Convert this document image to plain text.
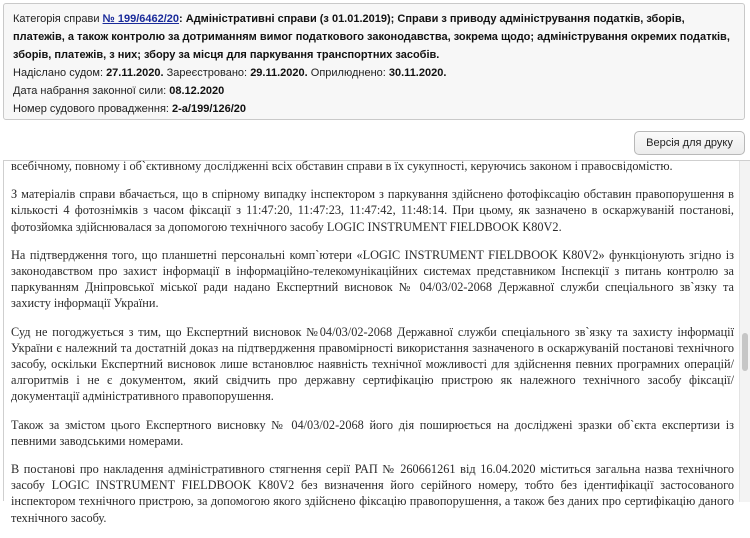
Категорія справи № 199/6462/20: Адміністративні справи (з 01.01.2019); Справи з приводу адміністрування податків, зборів, платежів, а також контролю за дотриманням вимог податкового законодавства, зокрема щодо; адміністрування окремих податків, зборів, платежів, з них; збору за місця для паркування транспортних засобів.
Надіслано судом: 27.11.2020. Зареєстровано: 29.11.2020. Оприлюднено: 30.11.2020.
Дата набрання законної сили: 08.12.2020
Номер судового провадження: 2-а/199/126/20
Версія для друку

всебічному, повному і об`єктивному дослідженні всіх обставин справи в їх сукупності, керуючись законом і правосвідомістю.

З матеріалів справи вбачається, що в спірному випадку інспектором з паркування здійснено фотофіксацію обставин правопорушення в кількості 4 фотознімків з часом фіксації з 11:47:20, 11:47:23, 11:47:42, 11:48:14. При цьому, як зазначено в оскаржуваній постанові, фотозйомка здійснювалася за допомогою технічного засобу LOGIC INSTRUMENT FIELDBOOK K80V2.

На підтвердження того, що планшетні персональні комп`ютери «LOGIC INSTRUMENT FIELDBOOK K80V2» функціонують згідно із законодавством про захист інформації в інформаційно-телекомунікаційних системах представником Інспекції з питань контролю за паркуванням Дніпровської міської ради надано Експертний висновок № 04/03/02-2068 Державної служби спеціального зв`язку та захисту інформації України.

Суд не погоджується з тим, що Експертний висновок №04/03/02-2068 Державної служби спеціального зв`язку та захисту інформації України є належний та достатній доказ на підтвердження правомірності використання зазначеного в оскаржуваній постанові технічного засобу, оскільки Експертний висновок лише встановлює наявність технічної можливості для здійснення певних програмних операцій/алгоритмів і не є документом, який свідчить про державну сертифікацію пристрою як належного технічного засобу фіксації/документації адміністративного правопорушення.

Також за змістом цього Експертного висновку № 04/03/02-2068 його дія поширюється на досліджені зразки об`єкта експертизи із певними заводськими номерами.

В постанові про накладення адміністративного стягнення серії РАП № 260661261 від 16.04.2020 міститься загальна назва технічного засобу LOGIC INSTRUMENT FIELDBOOK K80V2 без визначення його серійного номеру, тобто без ідентифікації застосованого інспектором технічного пристрою, за допомогою якого здійснено фіксацію правопорушення, а також без даних про сертифікацію даного технічного засобу.
